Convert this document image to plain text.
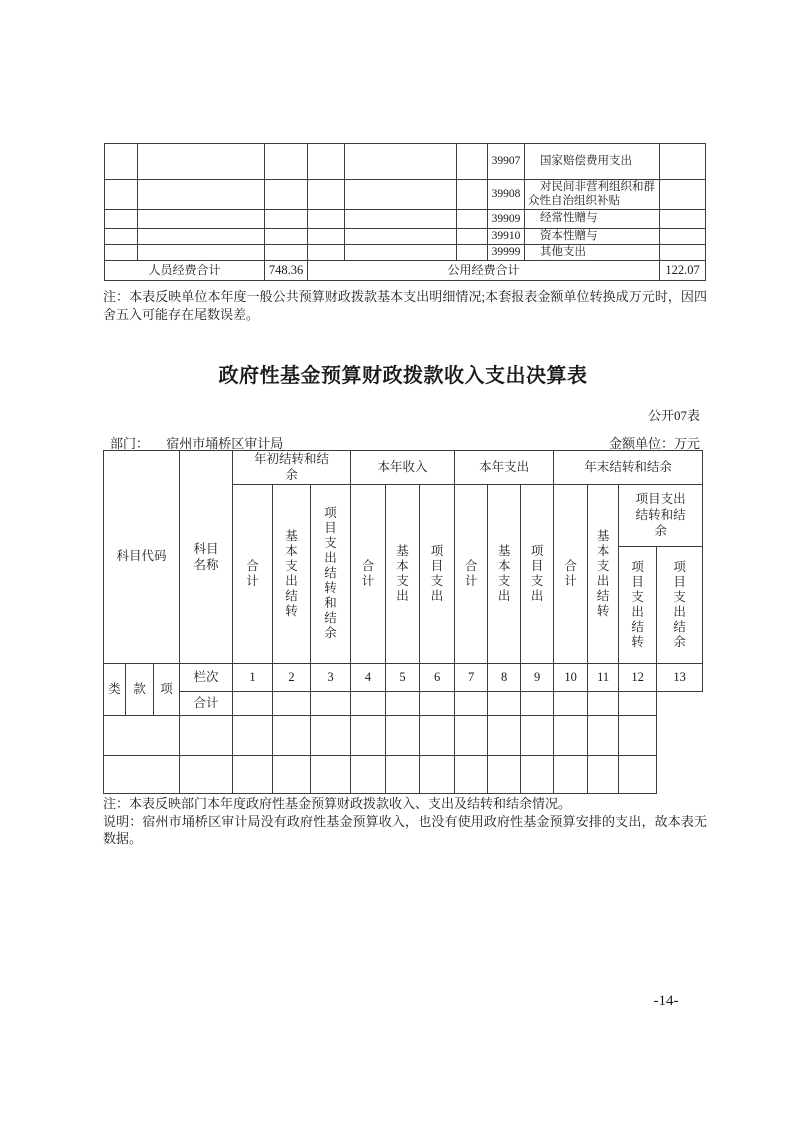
						39907	国家赔偿费用支出	
						39908	对民间非营利组织和群众性自治组织补贴	
						39909	经常性赠与	
						39910	资本性赠与	
						39999	其他支出	
人员经费合计		748.36	公用经费合计					122.07
注：本表反映单位本年度一般公共预算财政拨款基本支出明细情况;本套报表金额单位转换成万元时，因四舍五入可能存在尾数误差。
政府性基金预算财政拨款收入支出决算表
公开07表
金额单位：万元
部门： 宿州市埇桥区审计局
科目代码			科目名称	年初结转和结余			本年收入			本年支出			年末结转和结余			
				合计	基本支出结转	项目支出结转和结余	合计	基本支出	项目支出	合计	基本支出	项目支出	合计	基本支出结转	项目支出结转和结余	
															项目支出结转	项目支出结余
类	款	项	栏次	1	2	3	4	5	6	7	8	9	10	11	12	13
			合计													

注：本表反映部门本年度政府性基金预算财政拨款收入、支出及结转和结余情况。

说明：宿州市埇桥区审计局没有政府性基金预算收入，也没有使用政府性基金预算安排的支出，故本表无数据。

-14-
